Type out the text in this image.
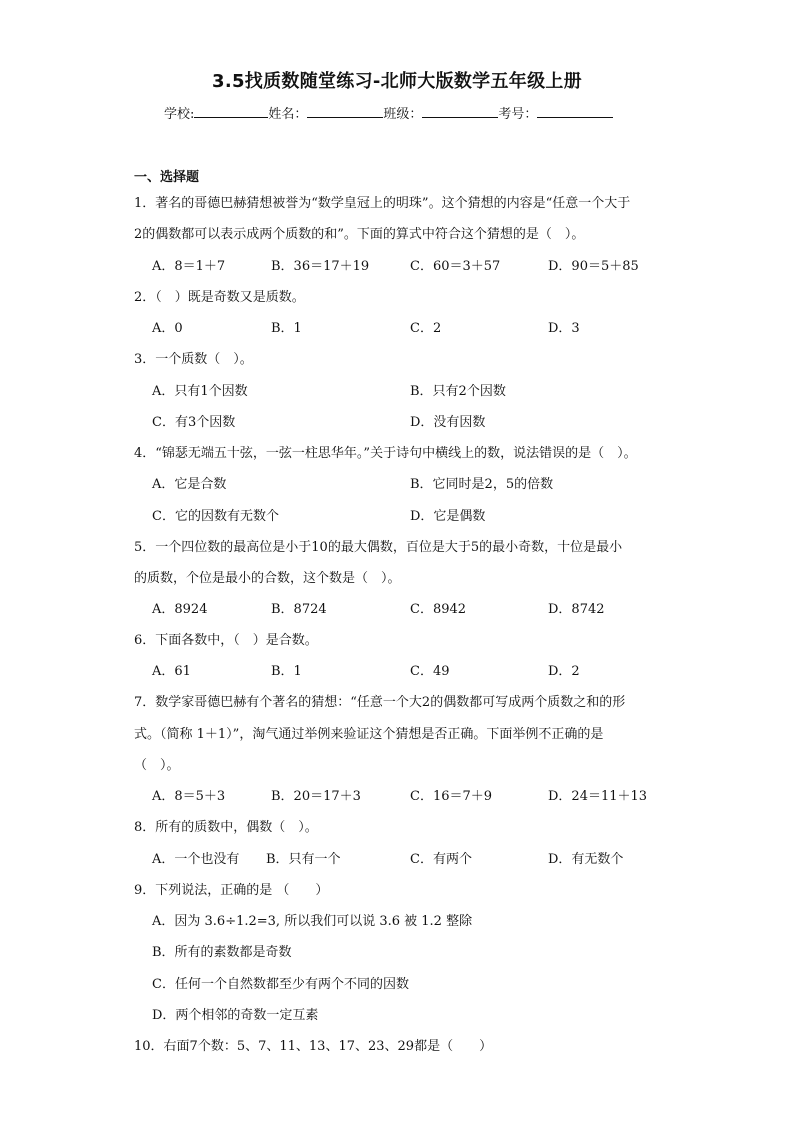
3.5找质数随堂练习-北师大版数学五年级上册
学校:	姓名：	班级：	考号：
一、选择题
1．著名的哥德巴赫猜想被誉为“数学皇冠上的明珠”。这个猜想的内容是“任意一个大于
2的偶数都可以表示成两个质数的和”。下面的算式中符合这个猜想的是（　）。
A．8＝1＋7	B．36＝17＋19	C．60＝3＋57	D．90＝5＋85
2．（　）既是奇数又是质数。
A．0	B．1	C．2	D．3
3．一个质数（　）。
A．只有1个因数	B．只有2个因数
C．有3个因数	D．没有因数
4．“锦瑟无端五十弦，一弦一柱思华年。”关于诗句中横线上的数，说法错误的是（　）。
A．它是合数	B．它同时是2，5的倍数
C．它的因数有无数个	D．它是偶数
5．一个四位数的最高位是小于10的最大偶数，百位是大于5的最小奇数，十位是最小
的质数，个位是最小的合数，这个数是（　）。
A．8924	B．8724	C．8942	D．8742
6．下面各数中，（　）是合数。
A．61	B．1	C．49	D．2
7．数学家哥德巴赫有个著名的猜想：“任意一个大2的偶数都可写成两个质数之和的形
式。（简称 1＋1）”，淘气通过举例来验证这个猜想是否正确。下面举例不正确的是
（　）。
A．8＝5＋3	B．20＝17＋3	C．16＝7＋9	D．24＝11＋13
8．所有的质数中，偶数（　）。
A．一个也没有 B．只有一个	C．有两个	D．有无数个
9．下列说法，正确的是 （　　）
A．因为 3.6÷1.2=3, 所以我们可以说 3.6 被 1.2 整除
B．所有的素数都是奇数
C．任何一个自然数都至少有两个不同的因数
D．两个相邻的奇数一定互素
10．右面7个数：5、7、11、13、17、23、29都是（　　）
